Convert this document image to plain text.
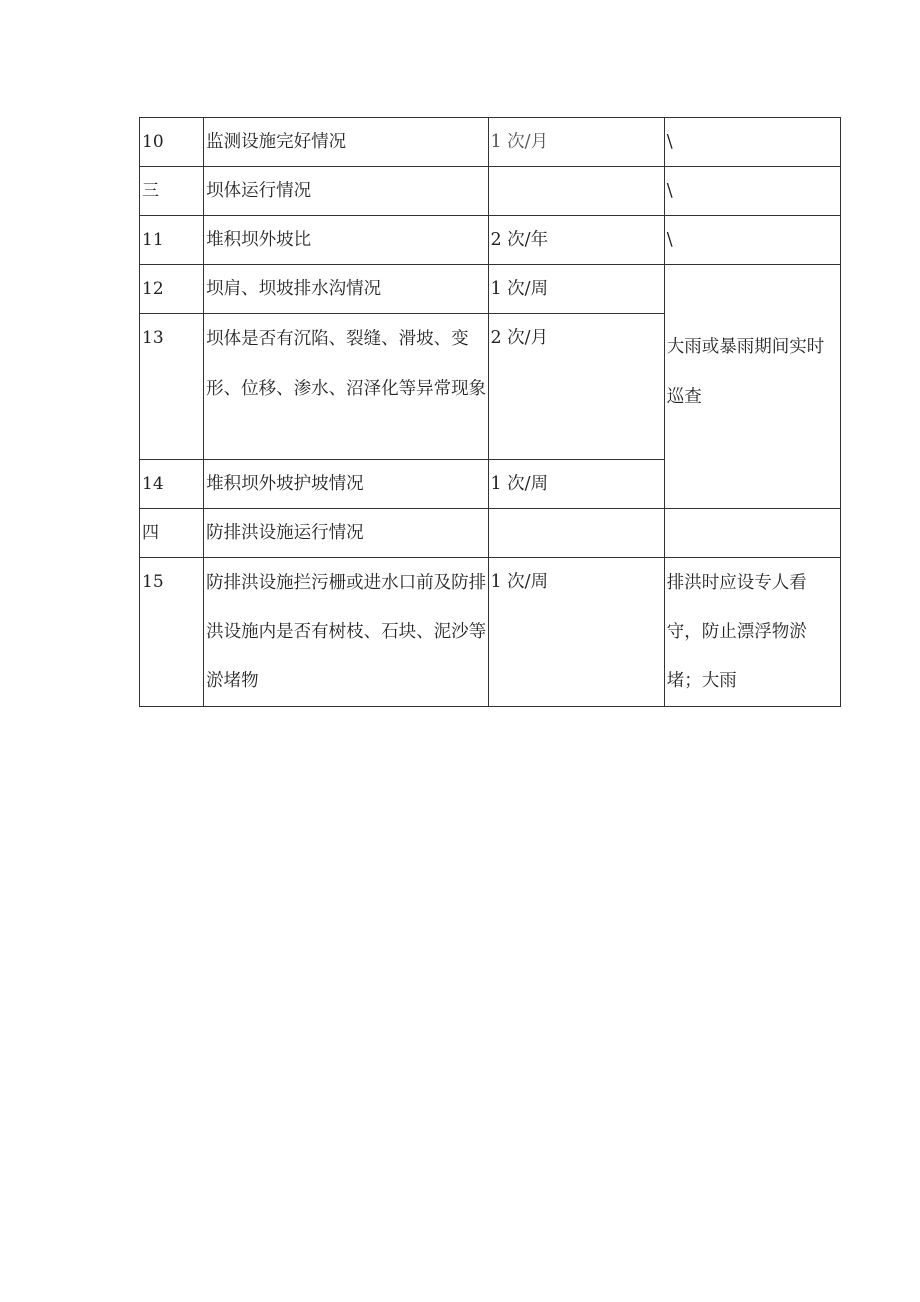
10	监测设施完好情况	1 次/月	\

三	坝体运行情况		\

11	堆积坝外坡比	2 次/年	\

12	坝肩、坝坡排水沟情况	1 次/周	大雨或暴雨期间实时巡查

13	坝体是否有沉陷、裂缝、滑坡、变形、位移、渗水、沼泽化等异常现象	2 次/月	

14	堆积坝外坡护坡情况	1 次/周	

四	防排洪设施运行情况		

15	防排洪设施拦污栅或进水口前及防排洪设施内是否有树枝、石块、泥沙等淤堵物	1 次/周	排洪时应设专人看守，防止漂浮物淤堵；大雨
